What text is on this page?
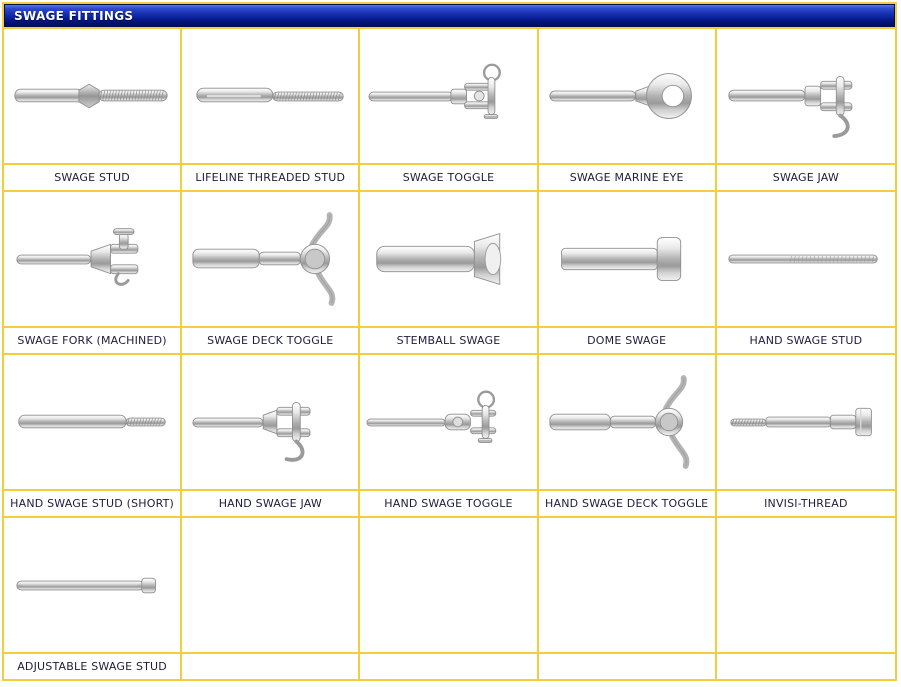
SWAGE FITTINGS
SWAGE STUD	LIFELINE THREADED STUD	SWAGE TOGGLE	SWAGE MARINE EYE	SWAGE JAW
SWAGE FORK (MACHINED)	SWAGE DECK TOGGLE	STEMBALL SWAGE	DOME SWAGE	HAND SWAGE STUD
HAND SWAGE STUD (SHORT)	HAND SWAGE JAW	HAND SWAGE TOGGLE	HAND SWAGE DECK TOGGLE	INVISI-THREAD
ADJUSTABLE SWAGE STUD
